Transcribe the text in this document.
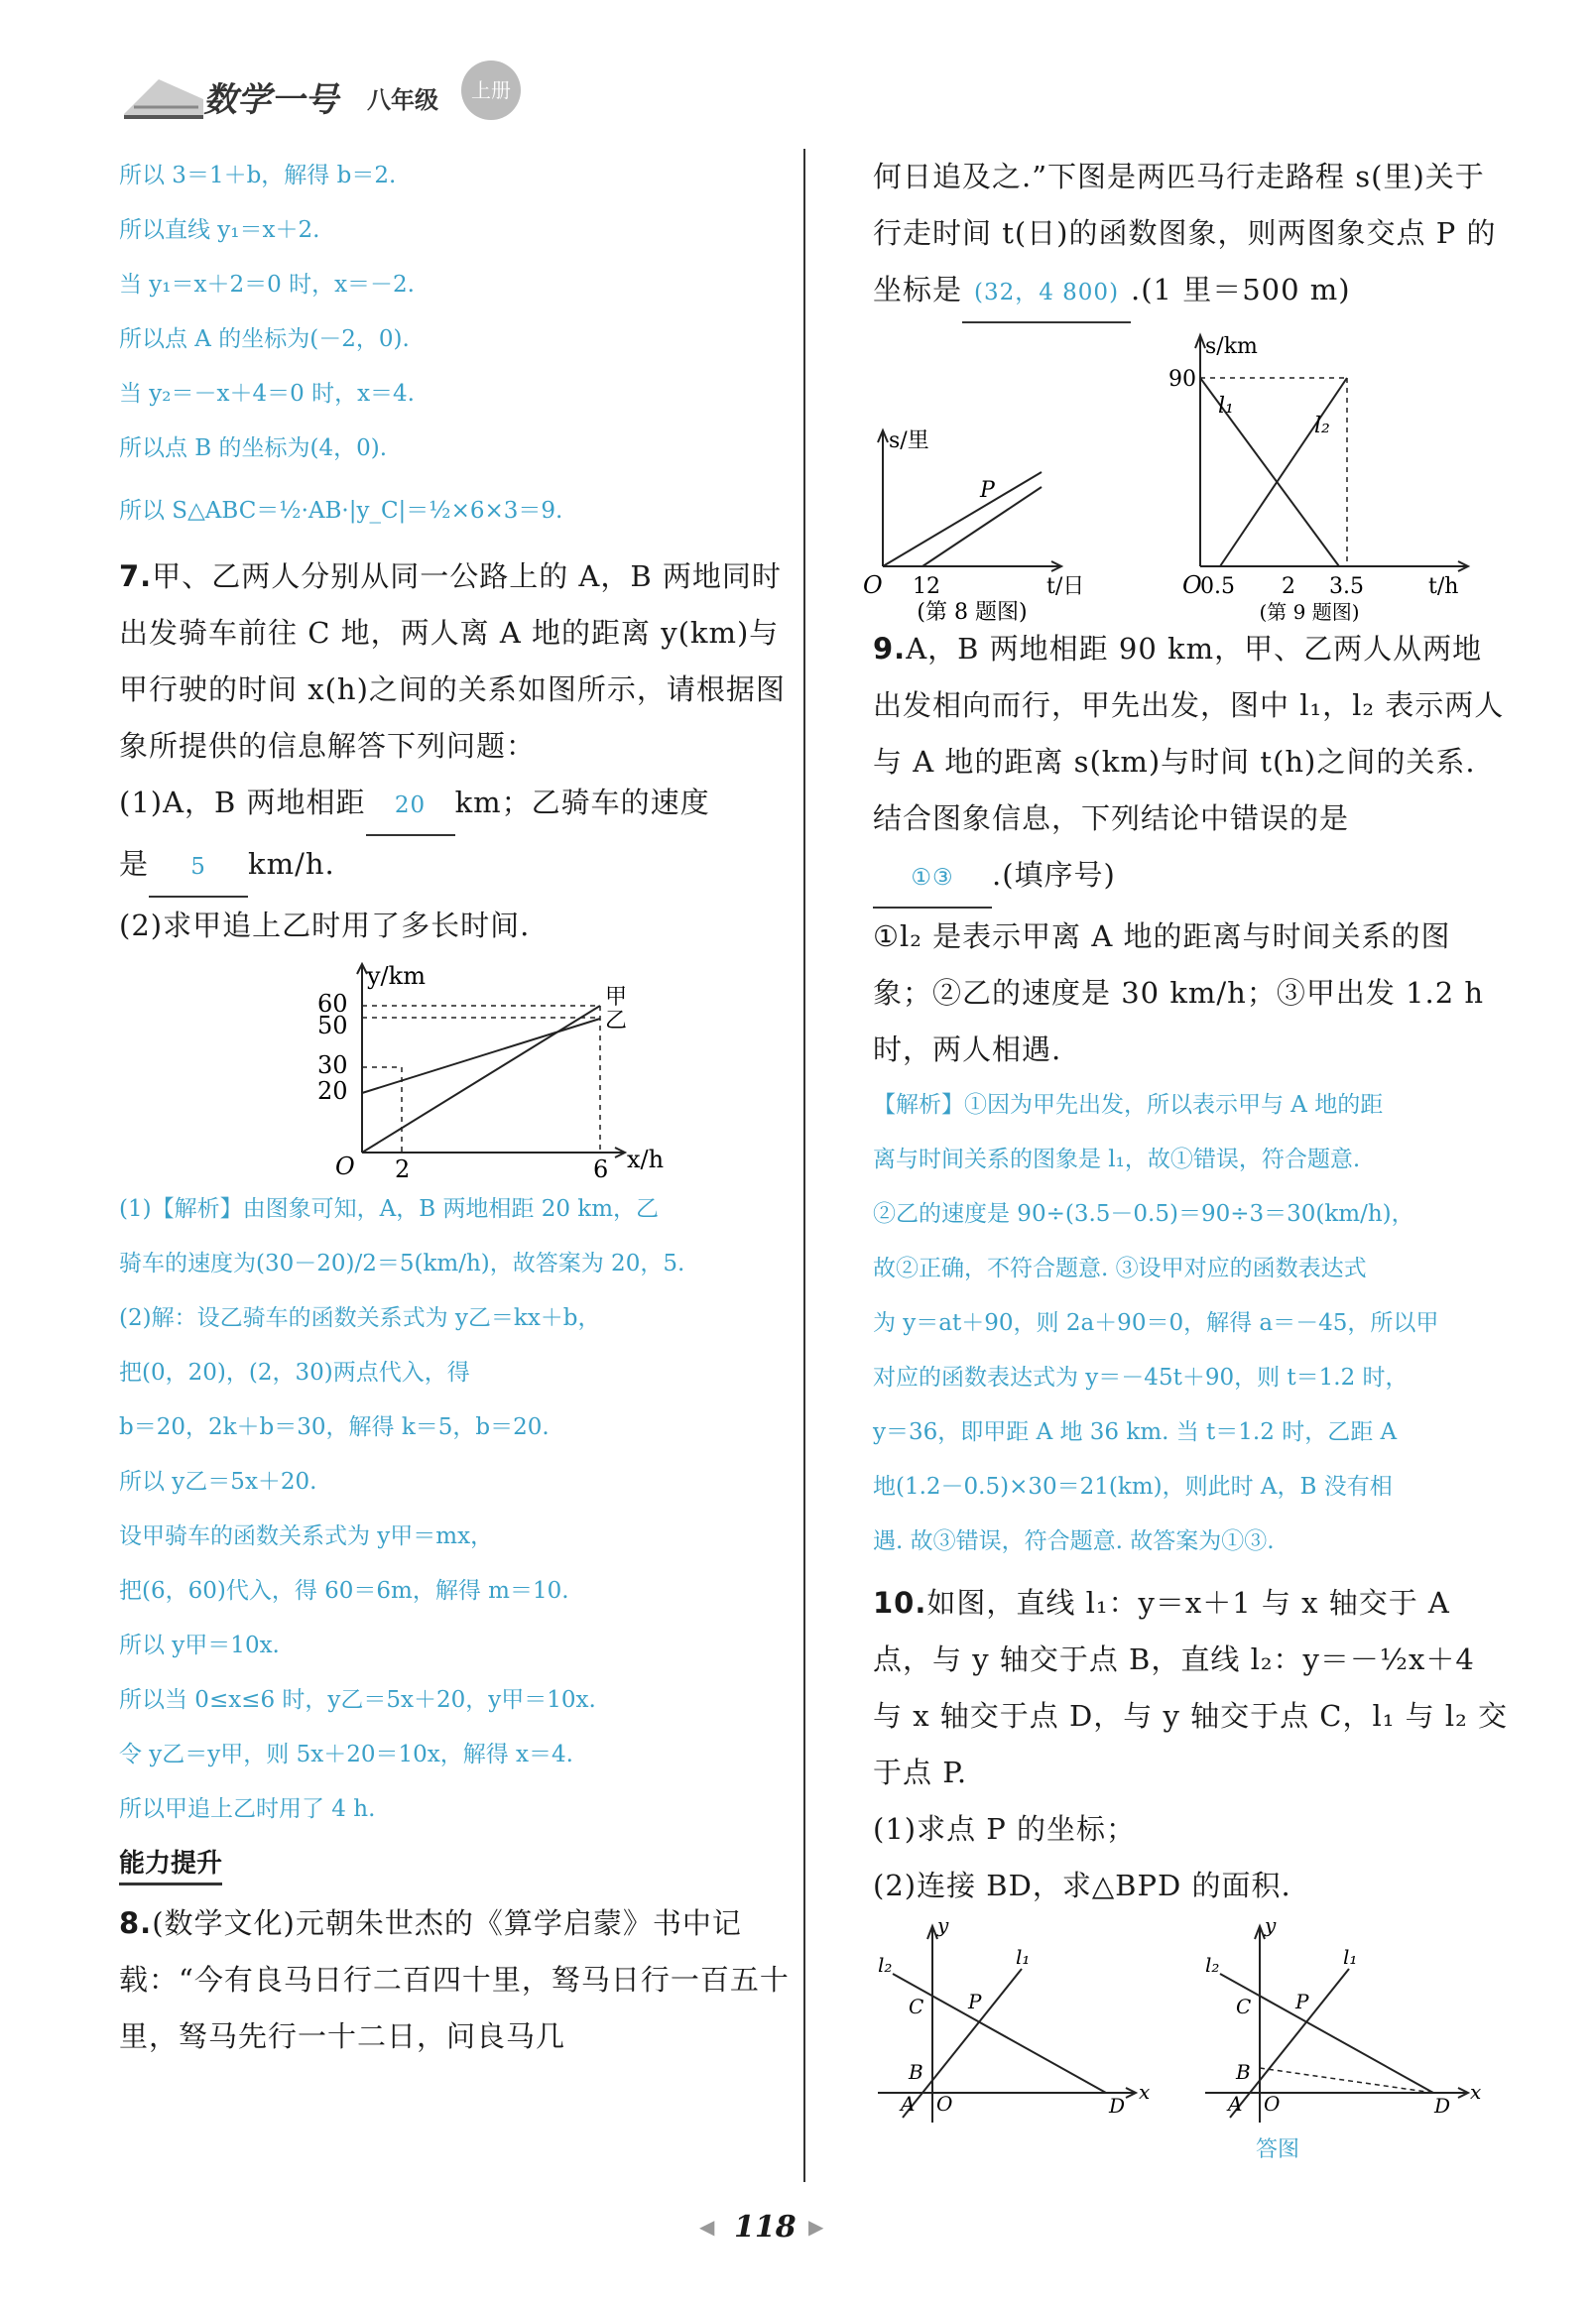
数学一号 八年级	上册
所以 3＝1＋b，解得 b＝2.
所以直线 y₁＝x＋2.
当 y₁＝x＋2＝0 时，x＝－2.
所以点 A 的坐标为(－2，0).
当 y₂＝－x＋4＝0 时，x＝4.
所以点 B 的坐标为(4，0).
所以 S△ABC＝½·AB·|y_C|＝½×6×3＝9.
7.甲、乙两人分别从同一公路上的 A，B 两地同时出发骑车前往 C 地，两人离 A 地的距离 y(km)与甲行驶的时间 x(h)之间的关系如图所示，请根据图象所提供的信息解答下列问题：
(1)A，B 两地相距 20 km；乙骑车的速度
是 5 km/h.
(2)求甲追上乙时用了多长时间.
y/km
x/h
60
50
30
20
2	6
O
甲
乙
(1)【解析】由图象可知，A，B 两地相距 20 km，乙
骑车的速度为(30－20)/2＝5(km/h)，故答案为 20，5.
(2)解：设乙骑车的函数关系式为 y乙＝kx＋b，
把(0，20)，(2，30)两点代入，得
b＝20，2k＋b＝30，解得 k＝5，b＝20.
所以 y乙＝5x＋20.
设甲骑车的函数关系式为 y甲＝mx，
把(6，60)代入，得 60＝6m，解得 m＝10.
所以 y甲＝10x.
所以当 0≤x≤6 时，y乙＝5x＋20，y甲＝10x.
令 y乙＝y甲，则 5x＋20＝10x，解得 x＝4.
所以甲追上乙时用了 4 h.
能力提升
8.(数学文化)元朝朱世杰的《算学启蒙》书中记载：“今有良马日行二百四十里，驽马日行一百五十里，驽马先行一十二日，问良马几
何日追及之.”下图是两匹马行走路程 s(里)关于行走时间 t(日)的函数图象，则两图象交点 P 的坐标是 (32，4 800) .(1 里＝500 m)
s/里
t/日
O 12
P
(第 8 题图)
s/km
t/h
90
O
0.5 2 3.5
l₁
l₂
(第 9 题图)
9.A，B 两地相距 90 km，甲、乙两人从两地出发相向而行，甲先出发，图中 l₁，l₂ 表示两人与 A 地的距离 s(km)与时间 t(h)之间的关系. 结合图象信息，下列结论中错误的是
①③ .(填序号)
①l₂ 是表示甲离 A 地的距离与时间关系的图象；②乙的速度是 30 km/h；③甲出发 1.2 h 时，两人相遇.
【解析】①因为甲先出发，所以表示甲与 A 地的距
离与时间关系的图象是 l₁，故①错误，符合题意.
②乙的速度是 90÷(3.5－0.5)＝90÷3＝30(km/h)，
故②正确，不符合题意. ③设甲对应的函数表达式
为 y＝at＋90，则 2a＋90＝0，解得 a＝－45，所以甲
对应的函数表达式为 y＝－45t＋90，则 t＝1.2 时，
y＝36，即甲距 A 地 36 km. 当 t＝1.2 时，乙距 A
地(1.2－0.5)×30＝21(km)，则此时 A，B 没有相
遇. 故③错误，符合题意. 故答案为①③.
10.如图，直线 l₁：y＝x＋1 与 x 轴交于 A 点，与 y 轴交于点 B，直线 l₂：y＝－½x＋4 与 x 轴交于点 D，与 y 轴交于点 C，l₁ 与 l₂ 交于点 P.
(1)求点 P 的坐标；
(2)连接 BD，求△BPD 的面积.
y
x
A
B
C
D
O
P
l₁
l₂
y
x
A
B
C
D
O
P
l₁
l₂
答图
◀ 118 ▶
